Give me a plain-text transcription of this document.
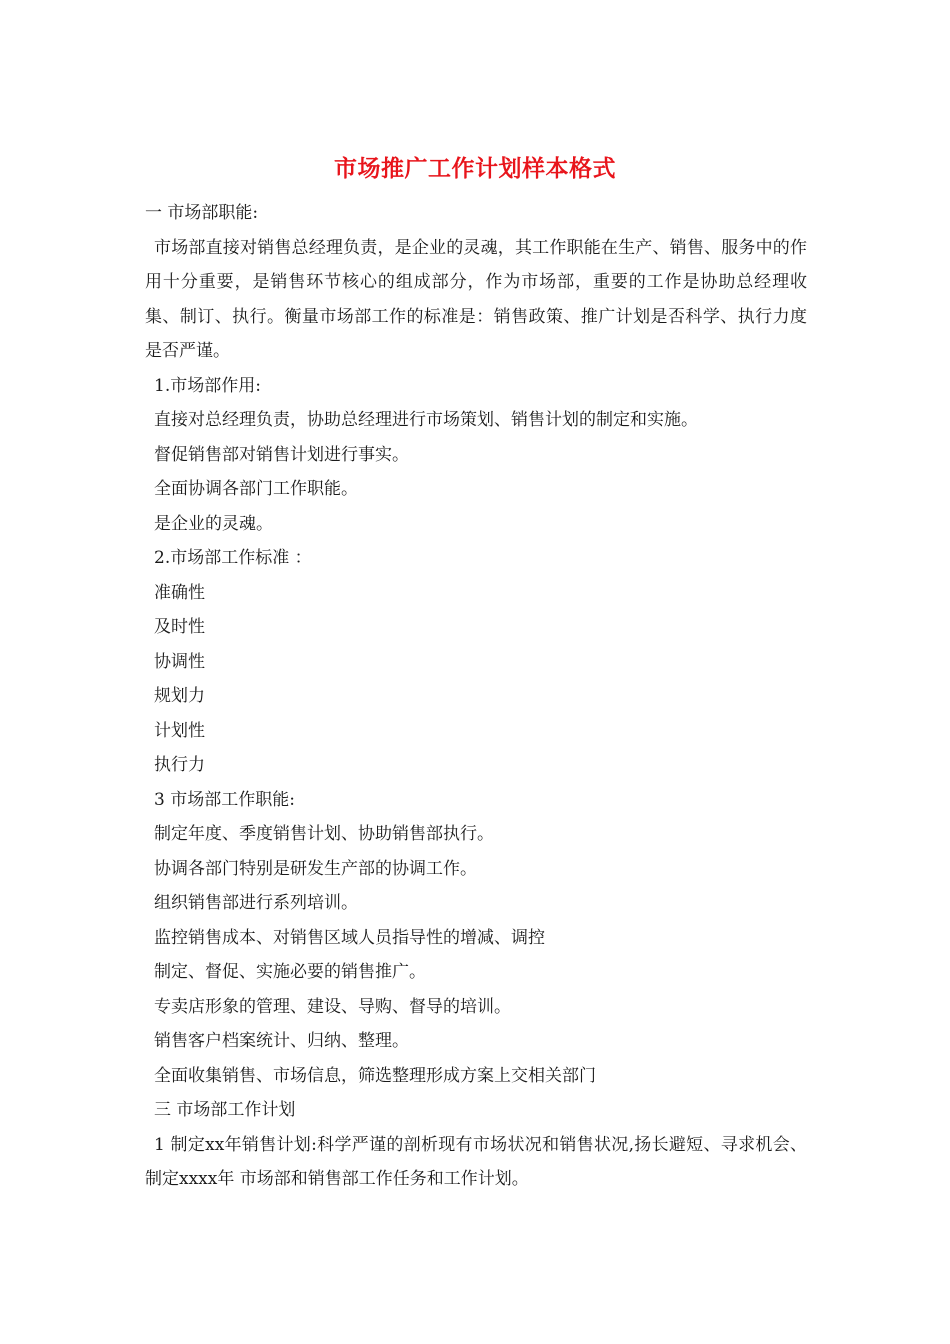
市场推广工作计划样本格式
一 市场部职能:
市场部直接对销售总经理负责，是企业的灵魂，其工作职能在生产、销售、服务中的作用十分重要，是销售环节核心的组成部分，作为市场部，重要的工作是协助总经理收集、制订、执行。衡量市场部工作的标准是：销售政策、推广计划是否科学、执行力度是否严谨。
1.市场部作用:
直接对总经理负责，协助总经理进行市场策划、销售计划的制定和实施。
督促销售部对销售计划进行事实。
全面协调各部门工作职能。
是企业的灵魂。
2.市场部工作标准 ：
准确性
及时性
协调性
规划力
计划性
执行力
3 市场部工作职能:
制定年度、季度销售计划、协助销售部执行。
协调各部门特别是研发生产部的协调工作。
组织销售部进行系列培训。
监控销售成本、对销售区域人员指导性的增减、调控
制定、督促、实施必要的销售推广。
专卖店形象的管理、建设、导购、督导的培训。
销售客户档案统计、归纳、整理。
全面收集销售、市场信息，筛选整理形成方案上交相关部门
三 市场部工作计划
1 制定xx年销售计划:科学严谨的剖析现有市场状况和销售状况,扬长避短、寻求机会、制定xxxx年 市场部和销售部工作任务和工作计划。
